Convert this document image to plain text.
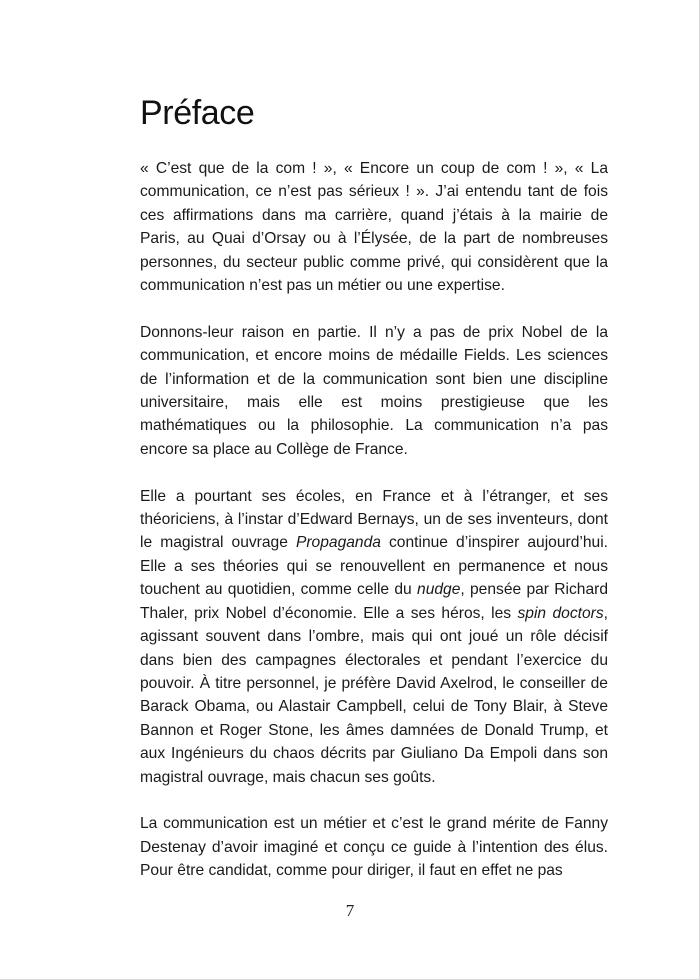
Préface

« C’est que de la com ! », « Encore un coup de com ! », « La communication, ce n’est pas sérieux ! ». J’ai entendu tant de fois ces affirmations dans ma carrière, quand j’étais à la mairie de Paris, au Quai d’Orsay ou à l’Élysée, de la part de nombreuses personnes, du secteur public comme privé, qui considèrent que la communication n’est pas un métier ou une expertise.

Donnons-leur raison en partie. Il n’y a pas de prix Nobel de la communication, et encore moins de médaille Fields. Les sciences de l’information et de la communication sont bien une discipline universitaire, mais elle est moins prestigieuse que les mathématiques ou la philosophie. La communication n’a pas encore sa place au Collège de France.

Elle a pourtant ses écoles, en France et à l’étranger, et ses théoriciens, à l’instar d’Edward Bernays, un de ses inventeurs, dont le magistral ouvrage Propaganda continue d’inspirer aujourd’hui. Elle a ses théories qui se renouvellent en permanence et nous touchent au quotidien, comme celle du nudge, pensée par Richard Thaler, prix Nobel d’économie. Elle a ses héros, les spin doctors, agissant souvent dans l’ombre, mais qui ont joué un rôle décisif dans bien des campagnes électorales et pendant l’exercice du pouvoir. À titre personnel, je préfère David Axelrod, le conseiller de Barack Obama, ou Alastair Campbell, celui de Tony Blair, à Steve Bannon et Roger Stone, les âmes damnées de Donald Trump, et aux Ingénieurs du chaos décrits par Giuliano Da Empoli dans son magistral ouvrage, mais chacun ses goûts.

La communication est un métier et c’est le grand mérite de Fanny Destenay d’avoir imaginé et conçu ce guide à l’intention des élus. Pour être candidat, comme pour diriger, il faut en effet ne pas

7
